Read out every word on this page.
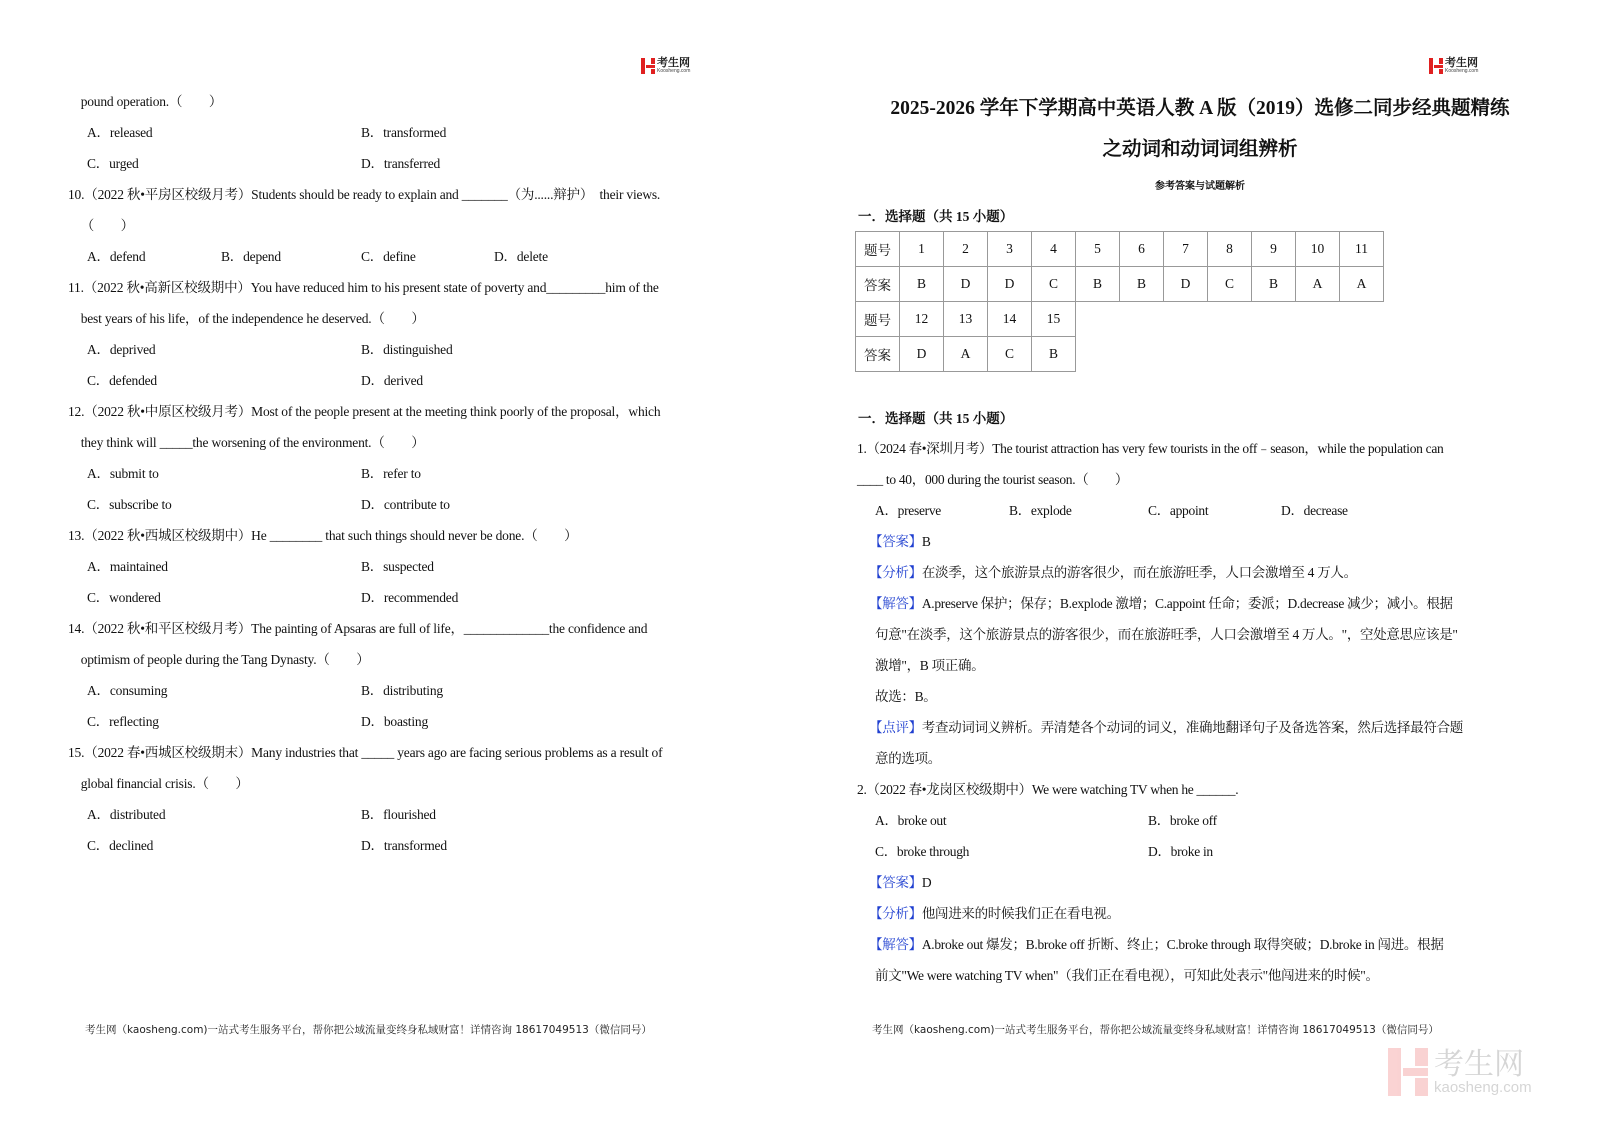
考生网
Koosheng.com
考生网
Koosheng.com
pound operation.（　　）
A．released	B．transformed
C．urged	D．transferred
10.（2022 秋•平房区校级月考）Students should be ready to explain and _______（为......辩护）  their views.
（　　）
A．defend	B．depend	C．define	D．delete
11.（2022 秋•高新区校级期中）You have reduced him to his present state of poverty and_________him of the
best years of his life，of the independence he deserved.（　　）
A．deprived	B．distinguished
C．defended	D．derived
12.（2022 秋•中原区校级月考）Most of the people present at the meeting think poorly of the proposal，which
they think will _____the worsening of the environment.（　　）
A．submit to	B．refer to
C．subscribe to	D．contribute to
13.（2022 秋•西城区校级期中）He ________ that such things should never be done.（　　）
A．maintained	B．suspected
C．wondered	D．recommended
14.（2022 秋•和平区校级月考）The painting of Apsaras are full of life，_____________the confidence and
optimism of people during the Tang Dynasty.（　　）
A．consuming	B．distributing
C．reflecting	D．boasting
15.（2022 春•西城区校级期末）Many industries that _____ years ago are facing serious problems as a result of
global financial crisis.（　　）
A．distributed	B．flourished
C．declined	D．transformed
2025-2026 学年下学期高中英语人教 A 版（2019）选修二同步经典题精练
之动词和动词词组辨析
参考答案与试题解析
一．选择题（共 15 小题）
题号	1	2	3	4	5	6	7	8	9	10	11
答案	B	D	D	C	B	B	D	C	B	A	A
题号	12	13	14	15
答案	D	A	C	B
一．选择题（共 15 小题）
1.（2024 春•深圳月考）The tourist attraction has very few tourists in the off﹣season，while the population can
____ to 40，000 during the tourist season.（　　）
A．preserve	B．explode	C．appoint	D．decrease
【答案】B
【分析】在淡季，这个旅游景点的游客很少，而在旅游旺季，人口会激增至 4 万人。
【解答】A.preserve 保护；保存；B.explode 激增；C.appoint 任命；委派；D.decrease 减少；减小。根据
句意"在淡季，这个旅游景点的游客很少，而在旅游旺季，人口会激增至 4 万人。"，空处意思应该是"
激增"，B 项正确。
故选：B。
【点评】考查动词词义辨析。弄清楚各个动词的词义，准确地翻译句子及备选答案，然后选择最符合题
意的选项。
2.（2022 春•龙岗区校级期中）We were watching TV when he ______.
A．broke out	B．broke off
C．broke through	D．broke in
【答案】D
【分析】他闯进来的时候我们正在看电视。
【解答】A.broke out 爆发；B.broke off 折断、终止；C.broke through 取得突破；D.broke in 闯进。根据
前文"We were watching TV when"（我们正在看电视），可知此处表示"他闯进来的时候"。
考生网（kaosheng.com)一站式考生服务平台，帮你把公域流量变终身私域财富！详情咨询 18617049513（微信同号）	考生网（kaosheng.com)一站式考生服务平台，帮你把公域流量变终身私域财富！详情咨询 18617049513（微信同号）
考生网
kaosheng.com
